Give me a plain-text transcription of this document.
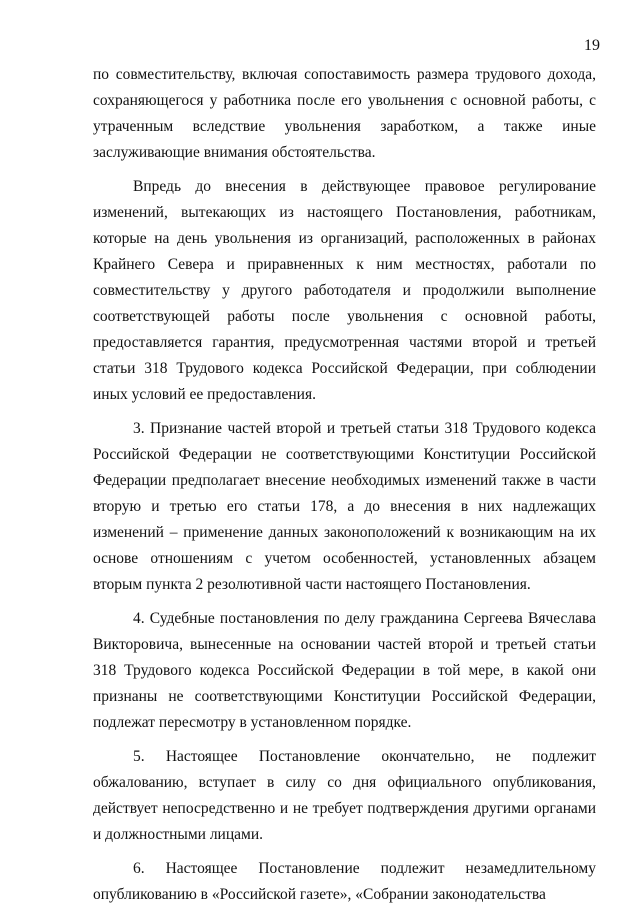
19

по совместительству, включая сопоставимость размера трудового дохода, сохраняющегося у работника после его увольнения с основной работы, с утраченным вследствие увольнения заработком, а также иные заслуживающие внимания обстоятельства.

Впредь до внесения в действующее правовое регулирование изменений, вытекающих из настоящего Постановления, работникам, которые на день увольнения из организаций, расположенных в районах Крайнего Севера и приравненных к ним местностях, работали по совместительству у другого работодателя и продолжили выполнение соответствующей работы после увольнения с основной работы, предоставляется гарантия, предусмотренная частями второй и третьей статьи 318 Трудового кодекса Российской Федерации, при соблюдении иных условий ее предоставления.

3. Признание частей второй и третьей статьи 318 Трудового кодекса Российской Федерации не соответствующими Конституции Российской Федерации предполагает внесение необходимых изменений также в части вторую и третью его статьи 178, а до внесения в них надлежащих изменений – применение данных законоположений к возникающим на их основе отношениям с учетом особенностей, установленных абзацем вторым пункта 2 резолютивной части настоящего Постановления.

4. Судебные постановления по делу гражданина Сергеева Вячеслава Викторовича, вынесенные на основании частей второй и третьей статьи 318 Трудового кодекса Российской Федерации в той мере, в какой они признаны не соответствующими Конституции Российской Федерации, подлежат пересмотру в установленном порядке.

5. Настоящее Постановление окончательно, не подлежит обжалованию, вступает в силу со дня официального опубликования, действует непосредственно и не требует подтверждения другими органами и должностными лицами.

6. Настоящее Постановление подлежит незамедлительному опубликованию в «Российской газете», «Собрании законодательства
